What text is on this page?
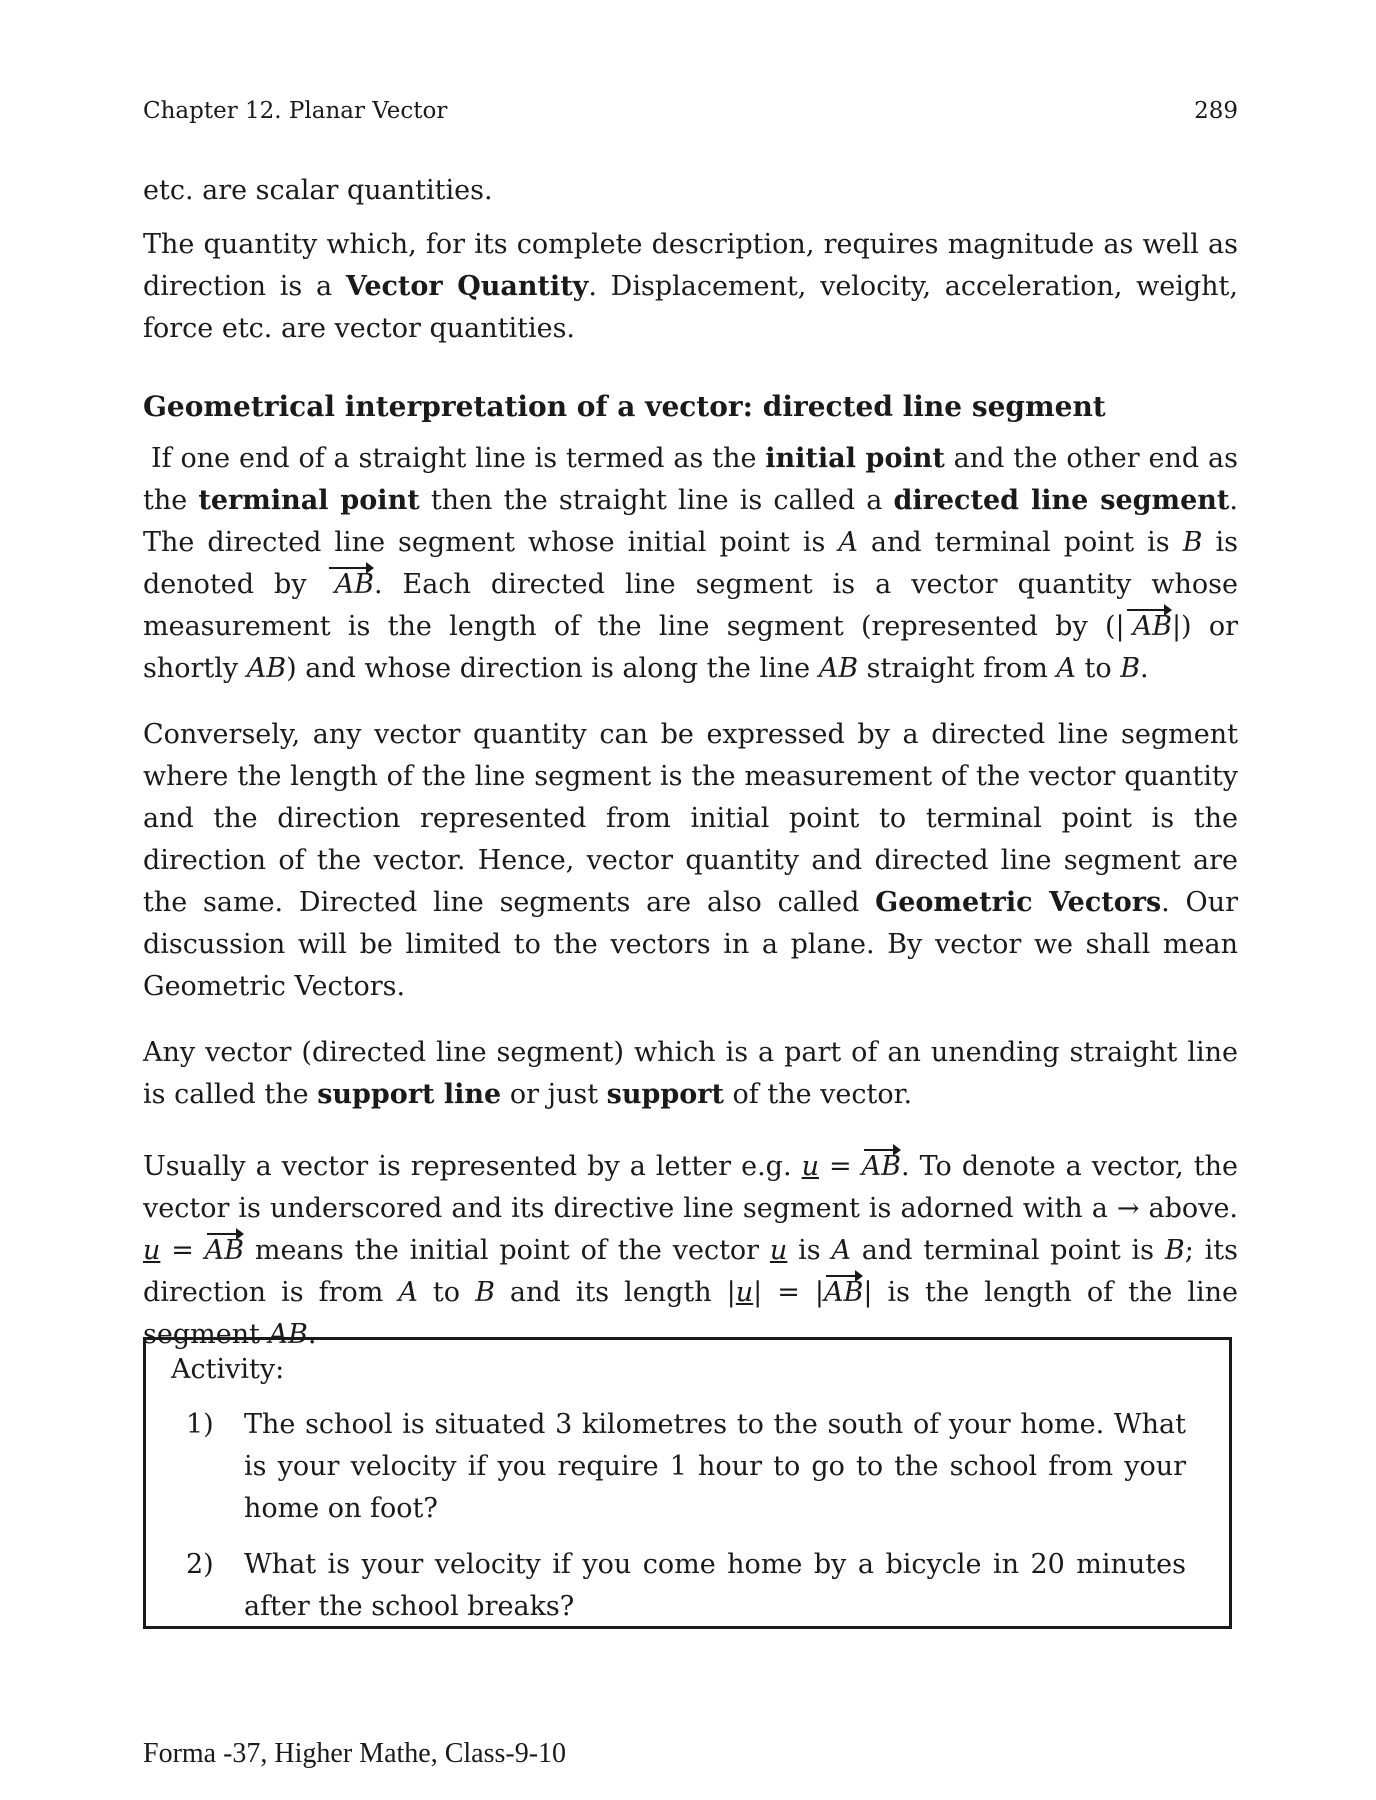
Chapter 12. Planar Vector	289

etc. are scalar quantities.

The quantity which, for its complete description, requires magnitude as well as direction is a Vector Quantity. Displacement, velocity, acceleration, weight, force etc. are vector quantities.

Geometrical interpretation of a vector: directed line segment

If one end of a straight line is termed as the initial point and the other end as the terminal point then the straight line is called a directed line segment. The directed line segment whose initial point is A and terminal point is B is denoted by AB. Each directed line segment is a vector quantity whose measurement is the length of the line segment (represented by (| AB|) or shortly AB) and whose direction is along the line AB straight from A to B.

Conversely, any vector quantity can be expressed by a directed line segment where the length of the line segment is the measurement of the vector quantity and the direction represented from initial point to terminal point is the direction of the vector. Hence, vector quantity and directed line segment are the same. Directed line segments are also called Geometric Vectors. Our discussion will be limited to the vectors in a plane. By vector we shall mean Geometric Vectors.

Any vector (directed line segment) which is a part of an unending straight line is called the support line or just support of the vector.

Usually a vector is represented by a letter e.g. u = AB. To denote a vector, the vector is underscored and its directive line segment is adorned with a → above. u = AB means the initial point of the vector u is A and terminal point is B; its direction is from A to B and its length |u| = |AB| is the length of the line segment AB.

Activity:
1)	The school is situated 3 kilometres to the south of your home. What is your velocity if you require 1 hour to go to the school from your home on foot?
2)	What is your velocity if you come home by a bicycle in 20 minutes after the school breaks?
Forma -37, Higher Mathe, Class-9-10
